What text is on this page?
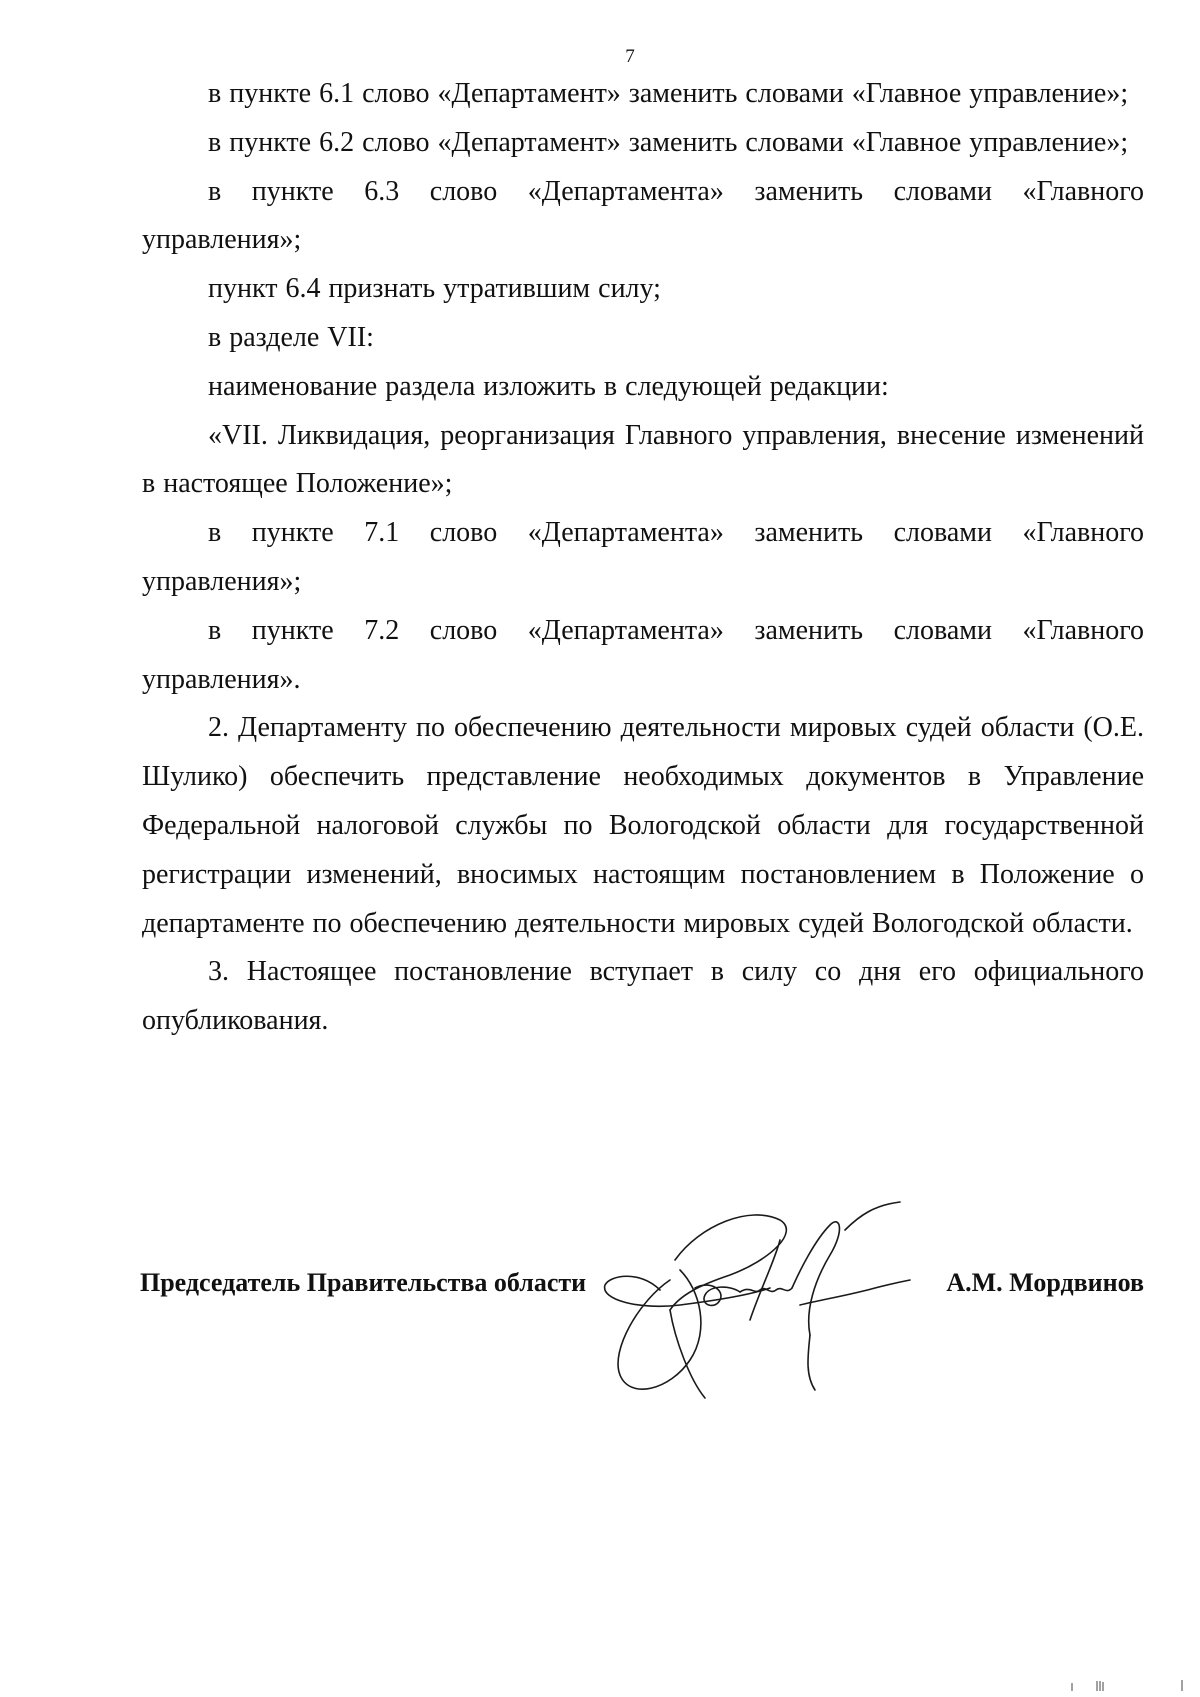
7

в пункте 6.1 слово «Департамент» заменить словами «Главное управление»;

в пункте 6.2 слово «Департамент» заменить словами «Главное управление»;

в пункте 6.3 слово «Департамента» заменить словами «Главного управления»;

пункт 6.4 признать утратившим силу;

в разделе VII:

наименование раздела изложить в следующей редакции:

«VII. Ликвидация, реорганизация Главного управления, внесение изменений в настоящее Положение»;

в пункте 7.1 слово «Департамента» заменить словами «Главного управления»;

в пункте 7.2 слово «Департамента» заменить словами «Главного управления».

2. Департаменту по обеспечению деятельности мировых судей области (О.Е. Шулико) обеспечить представление необходимых документов в Управление Федеральной налоговой службы по Вологодской области для государственной регистрации изменений, вносимых настоящим постановлением в Положение о департаменте по обеспечению деятельности мировых судей Вологодской области.

3. Настоящее постановление вступает в силу со дня его официального опубликования.

Председатель Правительства области	А.М. Мордвинов
